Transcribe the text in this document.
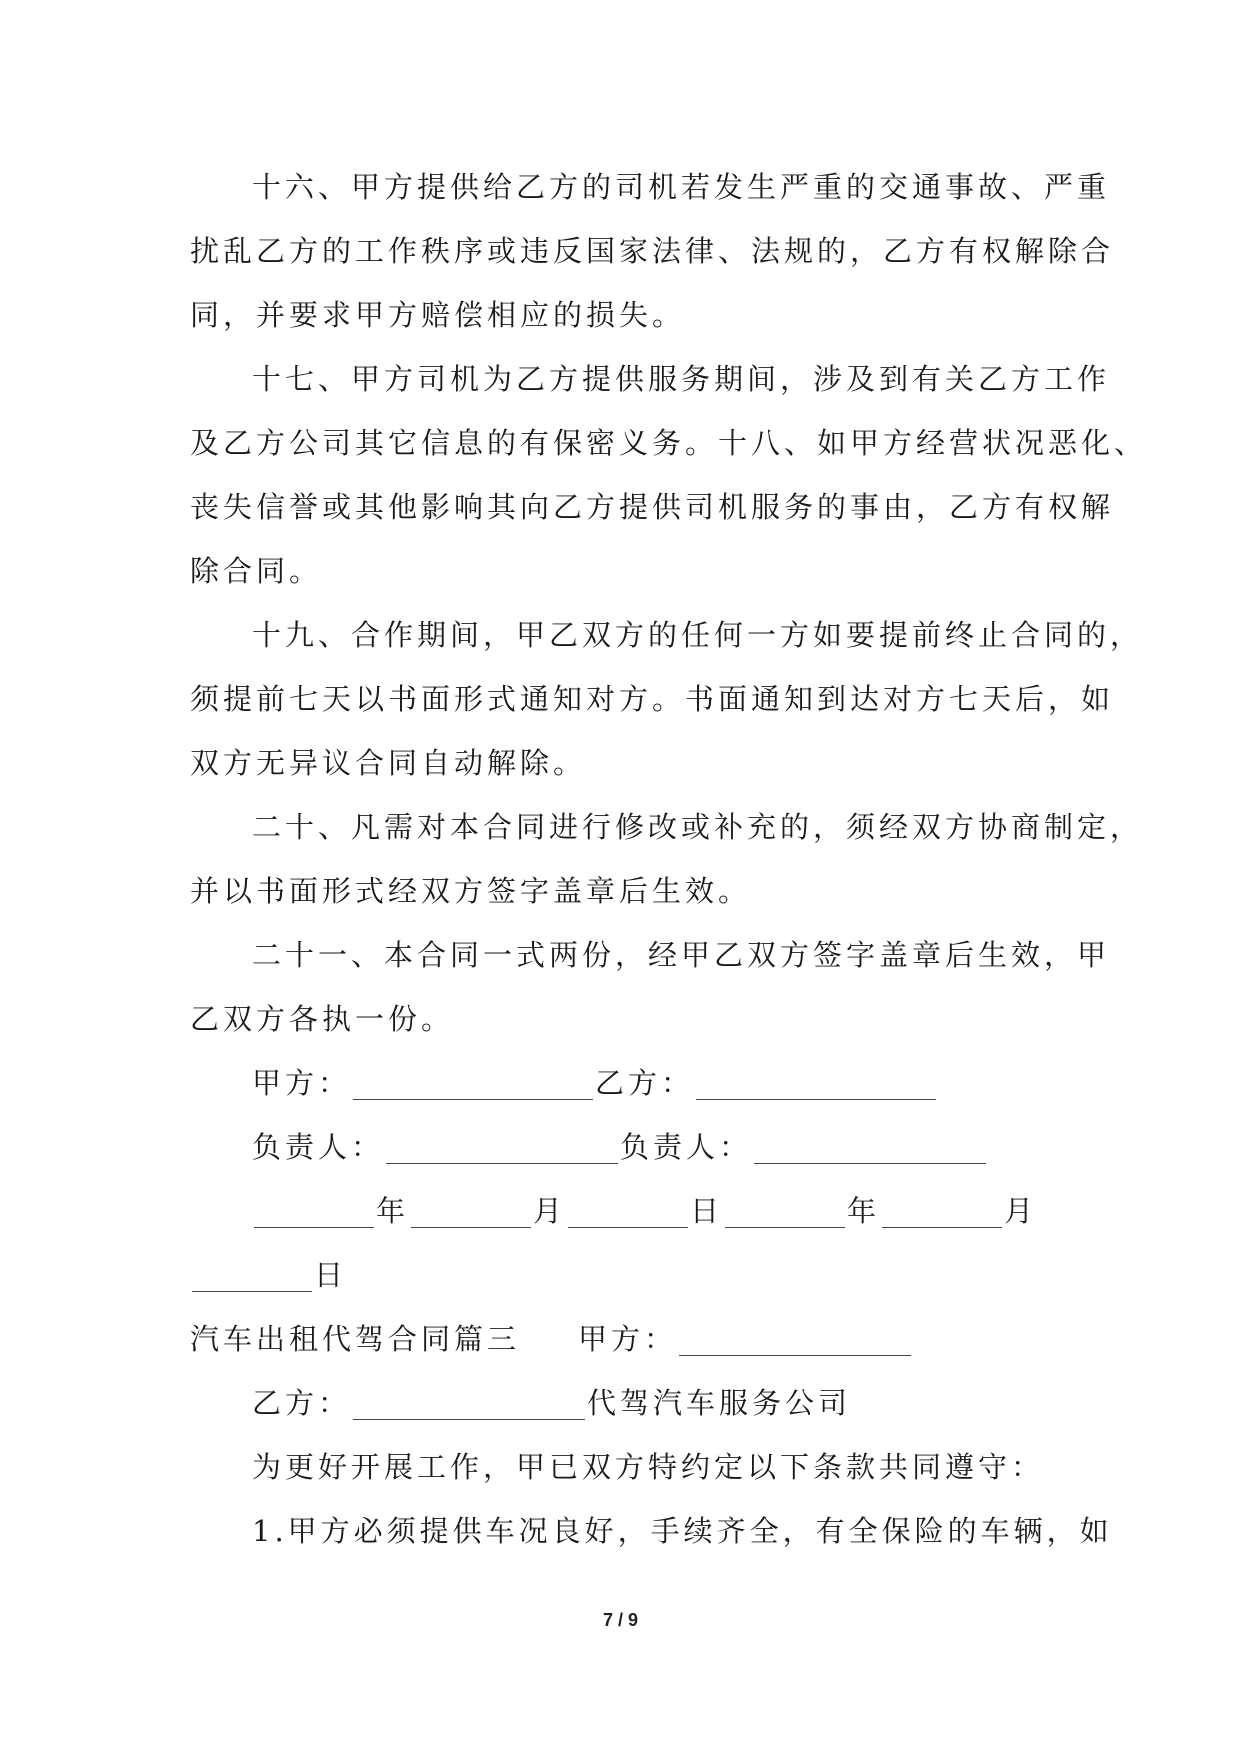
十六、甲方提供给乙方的司机若发生严重的交通事故、严重
扰乱乙方的工作秩序或违反国家法律、法规的，乙方有权解除合
同，并要求甲方赔偿相应的损失。
十七、甲方司机为乙方提供服务期间，涉及到有关乙方工作
及乙方公司其它信息的有保密义务。十八、如甲方经营状况恶化、
丧失信誉或其他影响其向乙方提供司机服务的事由，乙方有权解
除合同。
十九、合作期间，甲乙双方的任何一方如要提前终止合同的，
须提前七天以书面形式通知对方。书面通知到达对方七天后，如
双方无异议合同自动解除。
二十、凡需对本合同进行修改或补充的，须经双方协商制定，
并以书面形式经双方签字盖章后生效。
二十一、本合同一式两份，经甲乙双方签字盖章后生效，甲
乙双方各执一份。
甲方：	乙方：
负责人：	负责人：
年	月	日	年	月
日
汽车出租代驾合同篇三 甲方：
乙方：	代驾汽车服务公司
为更好开展工作，甲已双方特约定以下条款共同遵守：
1.甲方必须提供车况良好，手续齐全，有全保险的车辆，如
7 / 9
